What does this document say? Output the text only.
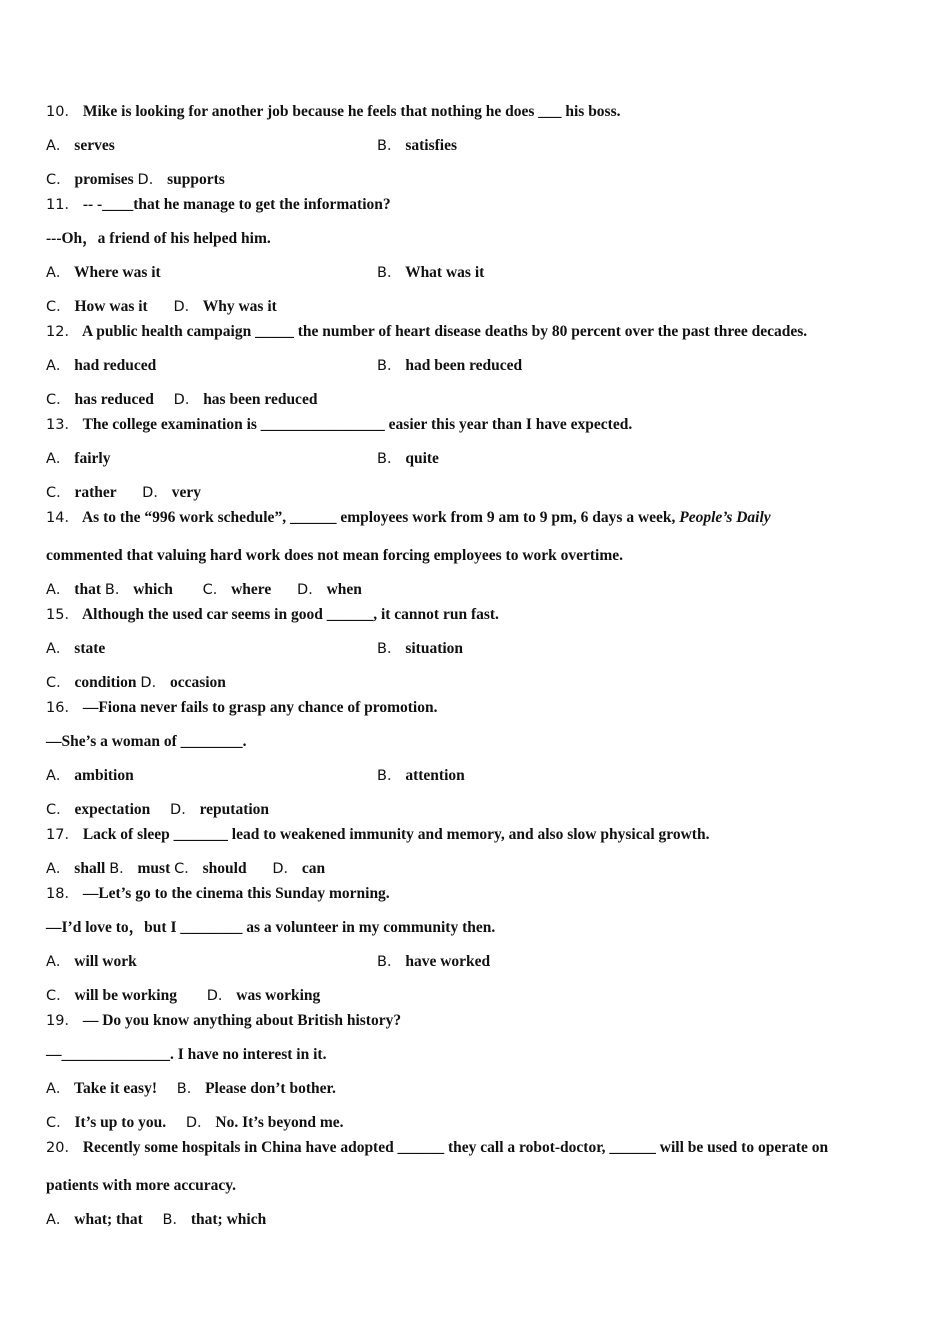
10． Mike is looking for another job because he feels that nothing he does ___ his boss.
A． serves	B． satisfies
C． promises D． supports
11． -- -____that he manage to get the information?
---Oh，a friend of his helped him.
A． Where was it	B． What was it
C． How was it D． Why was it
12． A public health campaign _____ the number of heart disease deaths by 80 percent over the past three decades.
A． had reduced	B． had been reduced
C． has reduced D． has been reduced
13． The college examination is ________________ easier this year than I have expected.
A． fairly	B． quite
C． rather D． very
14． As to the “996 work schedule”, ______ employees work from 9 am to 9 pm, 6 days a week, People’s Daily
commented that valuing hard work does not mean forcing employees to work overtime.
A． that B． which C． where D． when
15． Although the used car seems in good ______, it cannot run fast.
A． state	B． situation
C． condition D． occasion
16． —Fiona never fails to grasp any chance of promotion.
—She’s a woman of ________.
A． ambition	B． attention
C． expectation D． reputation
17． Lack of sleep _______ lead to weakened immunity and memory, and also slow physical growth.
A． shall B． must C． should D． can
18． —Let’s go to the cinema this Sunday morning.
—I’d love to，but I ________ as a volunteer in my community then.
A． will work	B． have worked
C． will be working D． was working
19． — Do you know anything about British history?
—______________. I have no interest in it.
A． Take it easy! B． Please don’t bother.
C． It’s up to you. D． No. It’s beyond me.
20． Recently some hospitals in China have adopted ______ they call a robot-doctor, ______ will be used to operate on
patients with more accuracy.
A． what; that B． that; which
